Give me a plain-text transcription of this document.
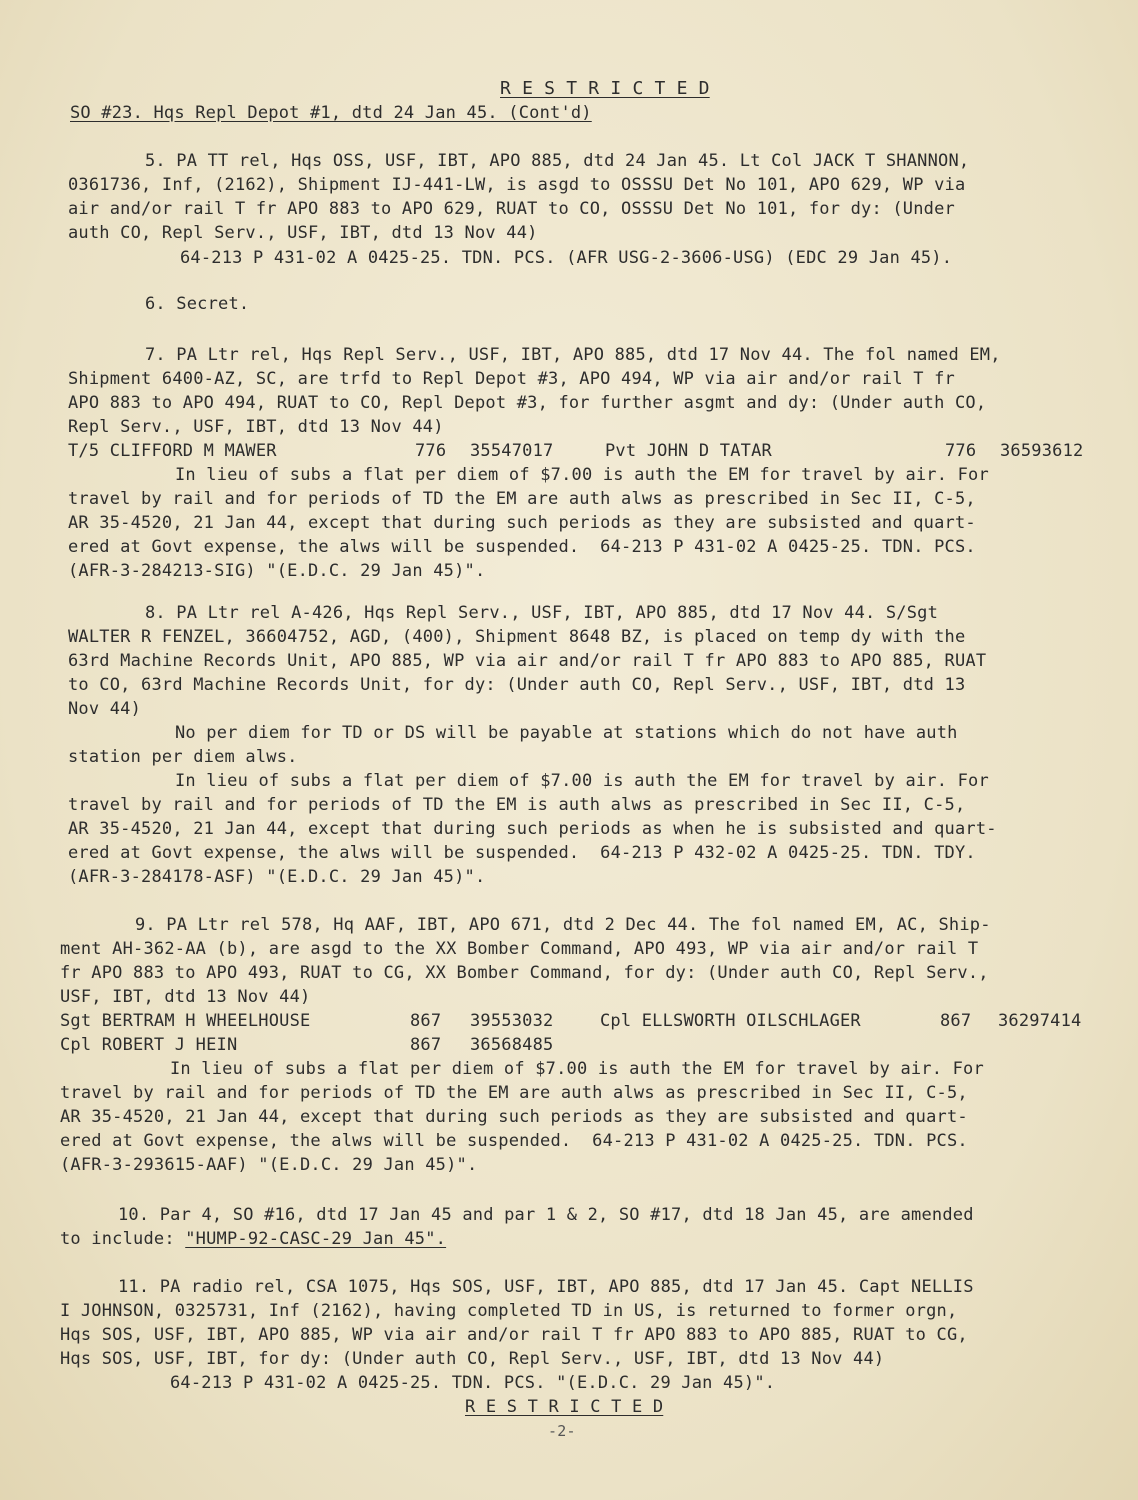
R E S T R I C T E D
SO #23. Hqs Repl Depot #1, dtd 24 Jan 45. (Cont'd)
5. PA TT rel, Hqs OSS, USF, IBT, APO 885, dtd 24 Jan 45. Lt Col JACK T SHANNON,
0361736, Inf, (2162), Shipment IJ-441-LW, is asgd to OSSSU Det No 101, APO 629, WP via
air and/or rail T fr APO 883 to APO 629, RUAT to CO, OSSSU Det No 101, for dy: (Under
auth CO, Repl Serv., USF, IBT, dtd 13 Nov 44)
64-213 P 431-02 A 0425-25. TDN. PCS. (AFR USG-2-3606-USG) (EDC 29 Jan 45).
6. Secret.
7. PA Ltr rel, Hqs Repl Serv., USF, IBT, APO 885, dtd 17 Nov 44. The fol named EM,
Shipment 6400-AZ, SC, are trfd to Repl Depot #3, APO 494, WP via air and/or rail T fr
APO 883 to APO 494, RUAT to CO, Repl Depot #3, for further asgmt and dy: (Under auth CO,
Repl Serv., USF, IBT, dtd 13 Nov 44)
T/5 CLIFFORD M MAWER	776 35547017	Pvt JOHN D TATAR	776 36593612
In lieu of subs a flat per diem of $7.00 is auth the EM for travel by air. For
travel by rail and for periods of TD the EM are auth alws as prescribed in Sec II, C-5,
AR 35-4520, 21 Jan 44, except that during such periods as they are subsisted and quart-
ered at Govt expense, the alws will be suspended.  64-213 P 431-02 A 0425-25. TDN. PCS.
(AFR-3-284213-SIG) "(E.D.C. 29 Jan 45)".
8. PA Ltr rel A-426, Hqs Repl Serv., USF, IBT, APO 885, dtd 17 Nov 44. S/Sgt
WALTER R FENZEL, 36604752, AGD, (400), Shipment 8648 BZ, is placed on temp dy with the
63rd Machine Records Unit, APO 885, WP via air and/or rail T fr APO 883 to APO 885, RUAT
to CO, 63rd Machine Records Unit, for dy: (Under auth CO, Repl Serv., USF, IBT, dtd 13
Nov 44)
No per diem for TD or DS will be payable at stations which do not have auth
station per diem alws.
In lieu of subs a flat per diem of $7.00 is auth the EM for travel by air. For
travel by rail and for periods of TD the EM is auth alws as prescribed in Sec II, C-5,
AR 35-4520, 21 Jan 44, except that during such periods as when he is subsisted and quart-
ered at Govt expense, the alws will be suspended.  64-213 P 432-02 A 0425-25. TDN. TDY.
(AFR-3-284178-ASF) "(E.D.C. 29 Jan 45)".
9. PA Ltr rel 578, Hq AAF, IBT, APO 671, dtd 2 Dec 44. The fol named EM, AC, Ship-
ment AH-362-AA (b), are asgd to the XX Bomber Command, APO 493, WP via air and/or rail T
fr APO 883 to APO 493, RUAT to CG, XX Bomber Command, for dy: (Under auth CO, Repl Serv.,
USF, IBT, dtd 13 Nov 44)
Sgt BERTRAM H WHEELHOUSE	867 39553032	Cpl ELLSWORTH OILSCHLAGER	867 36297414
Cpl ROBERT J HEIN	867 36568485
In lieu of subs a flat per diem of $7.00 is auth the EM for travel by air. For
travel by rail and for periods of TD the EM are auth alws as prescribed in Sec II, C-5,
AR 35-4520, 21 Jan 44, except that during such periods as they are subsisted and quart-
ered at Govt expense, the alws will be suspended.  64-213 P 431-02 A 0425-25. TDN. PCS.
(AFR-3-293615-AAF) "(E.D.C. 29 Jan 45)".
10. Par 4, SO #16, dtd 17 Jan 45 and par 1 & 2, SO #17, dtd 18 Jan 45, are amended
to include: "HUMP-92-CASC-29 Jan 45".
11. PA radio rel, CSA 1075, Hqs SOS, USF, IBT, APO 885, dtd 17 Jan 45. Capt NELLIS
I JOHNSON, 0325731, Inf (2162), having completed TD in US, is returned to former orgn,
Hqs SOS, USF, IBT, APO 885, WP via air and/or rail T fr APO 883 to APO 885, RUAT to CG,
Hqs SOS, USF, IBT, for dy: (Under auth CO, Repl Serv., USF, IBT, dtd 13 Nov 44)
64-213 P 431-02 A 0425-25. TDN. PCS. "(E.D.C. 29 Jan 45)".
R E S T R I C T E D
-2-
